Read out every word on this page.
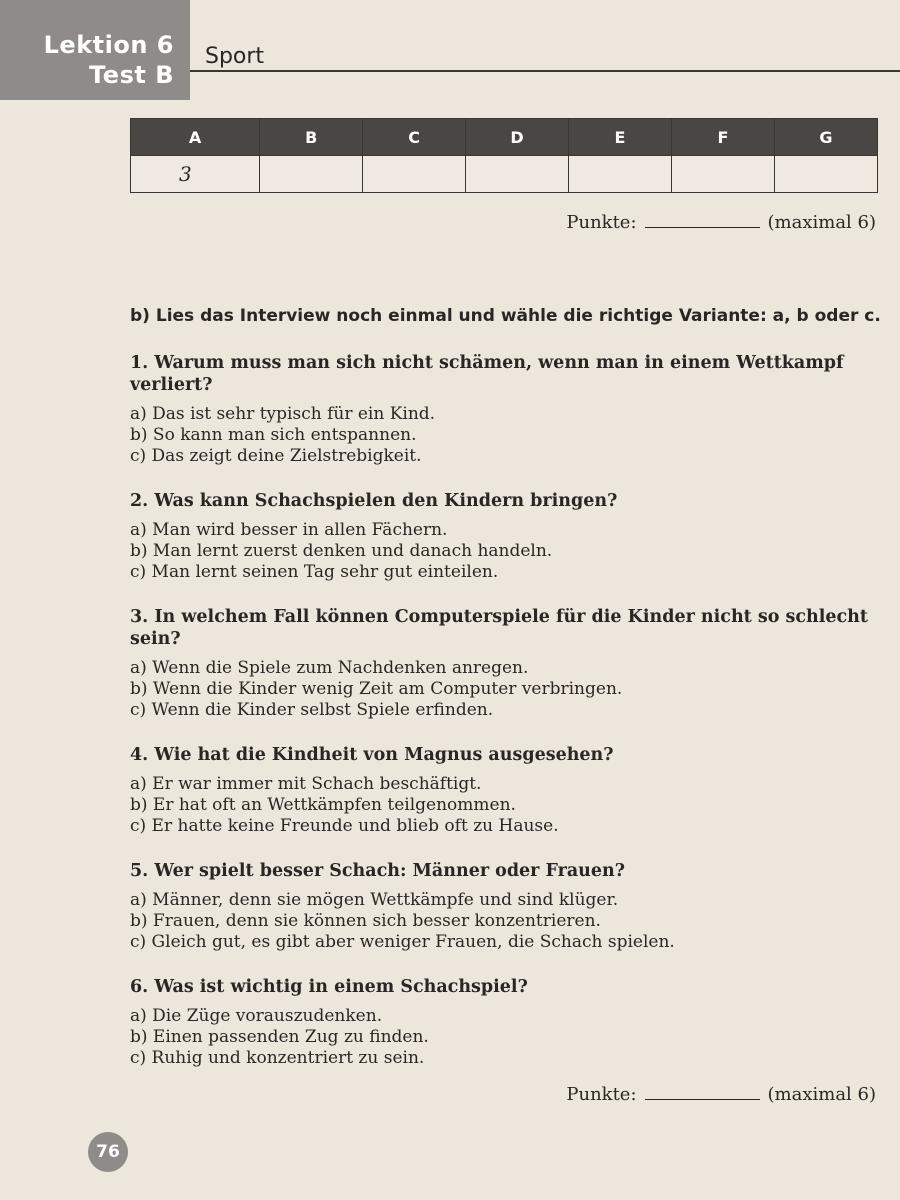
Lektion 6
Test B
Sport
A	B	C	D	E	F	G
3						
Punkte:	(maximal 6)
b) Lies das Interview noch einmal und wähle die richtige Variante: a, b oder c.
1. Warum muss man sich nicht schämen, wenn man in einem Wettkampf verliert?
a) Das ist sehr typisch für ein Kind.
b) So kann man sich entspannen.
c) Das zeigt deine Zielstrebigkeit.
2. Was kann Schachspielen den Kindern bringen?
a) Man wird besser in allen Fächern.
b) Man lernt zuerst denken und danach handeln.
c) Man lernt seinen Tag sehr gut einteilen.
3. In welchem Fall können Computerspiele für die Kinder nicht so schlecht sein?
a) Wenn die Spiele zum Nachdenken anregen.
b) Wenn die Kinder wenig Zeit am Computer verbringen.
c) Wenn die Kinder selbst Spiele erfinden.
4. Wie hat die Kindheit von Magnus ausgesehen?
a) Er war immer mit Schach beschäftigt.
b) Er hat oft an Wettkämpfen teilgenommen.
c) Er hatte keine Freunde und blieb oft zu Hause.
5. Wer spielt besser Schach: Männer oder Frauen?
a) Männer, denn sie mögen Wettkämpfe und sind klüger.
b) Frauen, denn sie können sich besser konzentrieren.
c) Gleich gut, es gibt aber weniger Frauen, die Schach spielen.
6. Was ist wichtig in einem Schachspiel?
a) Die Züge vorauszudenken.
b) Einen passenden Zug zu finden.
c) Ruhig und konzentriert zu sein.
Punkte:	(maximal 6)
76
